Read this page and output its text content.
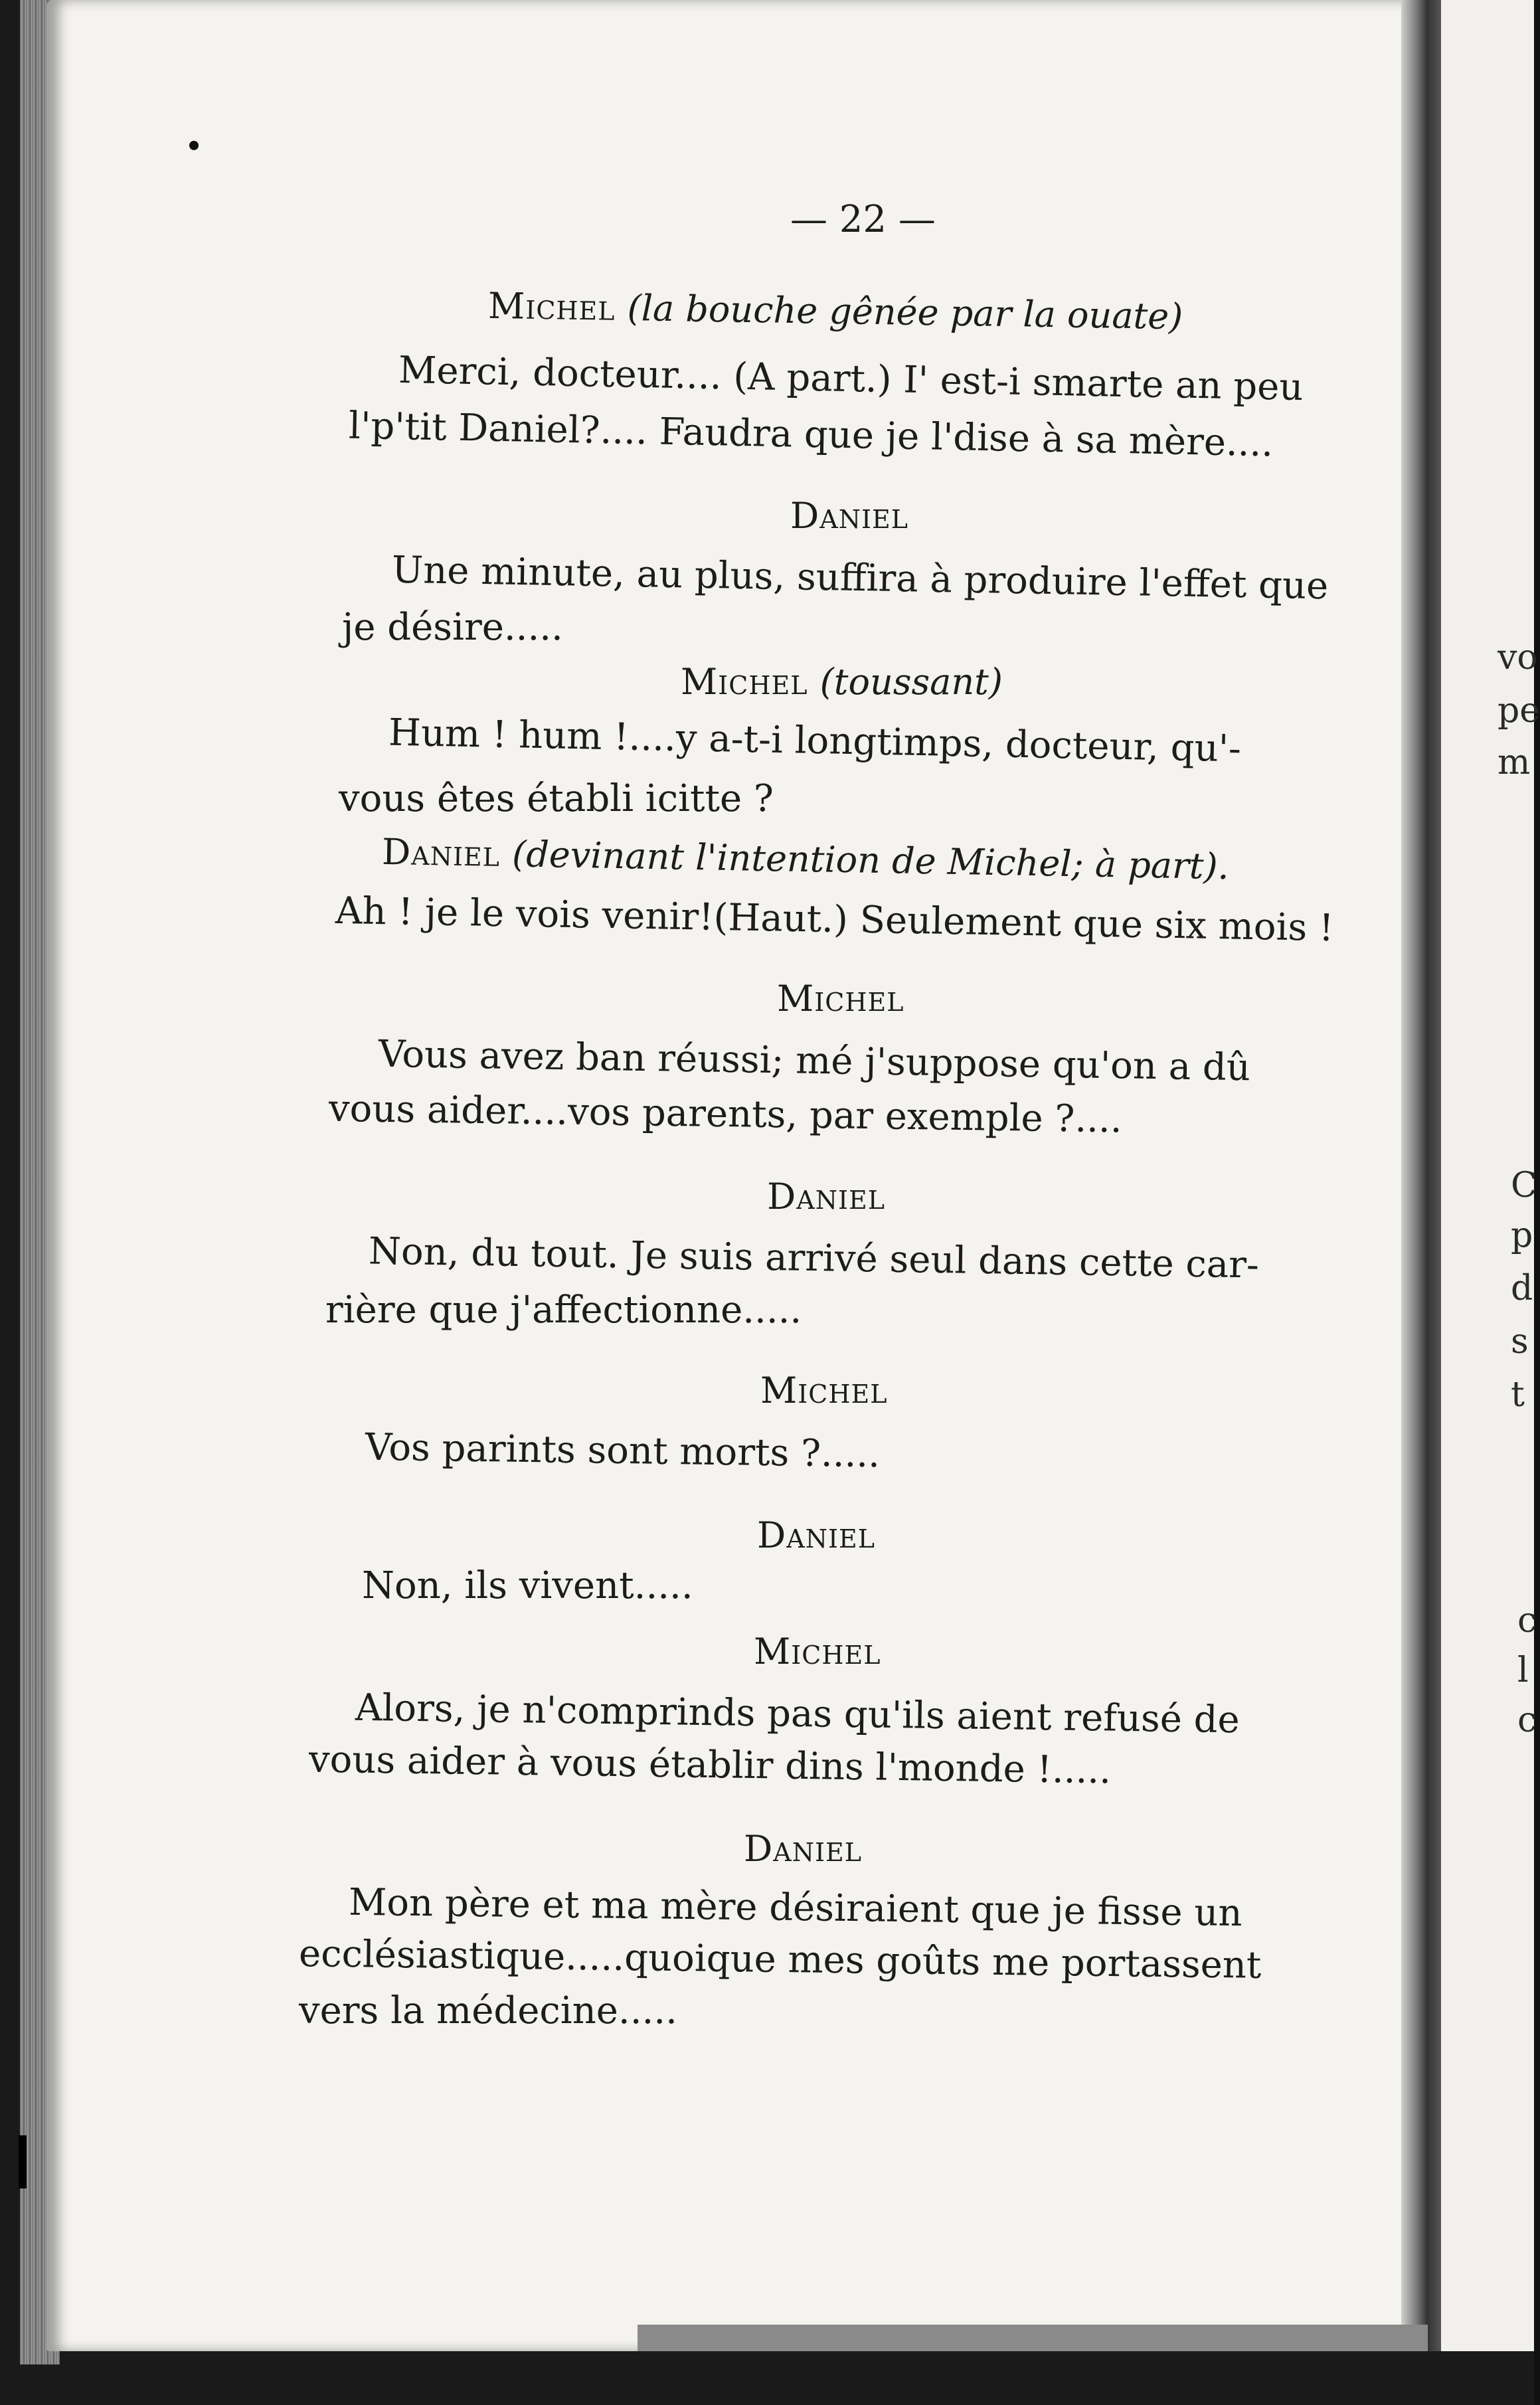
— 22 —

Michel (la bouche gênée par la ouate)

Merci, docteur.... (A part.) I' est-i smarte an peu

l'p'tit Daniel?.... Faudra que je l'dise à sa mère....

Daniel

Une minute, au plus, suffira à produire l'effet que

je désire.....

Michel (toussant)

Hum ! hum !....y a-t-i longtimps, docteur, qu'-

vous êtes établi icitte ?

Daniel (devinant l'intention de Michel; à part).

Ah ! je le vois venir!(Haut.) Seulement que six mois !

Michel

Vous avez ban réussi; mé j'suppose qu'on a dû

vous aider....vos parents, par exemple ?....

Daniel

Non, du tout. Je suis arrivé seul dans cette car-

rière que j'affectionne.....

Michel

Vos parints sont morts ?.....

Daniel

Non, ils vivent.....

Michel

Alors, je n'comprinds pas qu'ils aient refusé de

vous aider à vous établir dins l'monde !.....

Daniel

Mon père et ma mère désiraient que je fisse un

ecclésiastique.....quoique mes goûts me portassent

vers la médecine.....

vo
pe
m
C
p
d
s
t
c
l
c
